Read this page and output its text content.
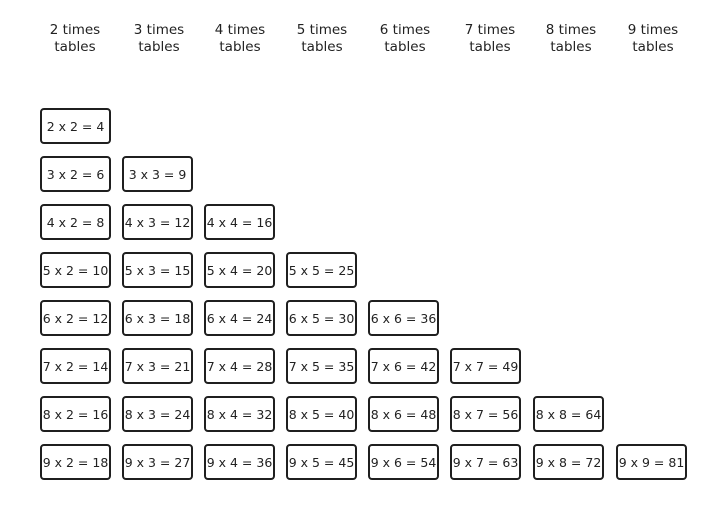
2 times
tables
3 times
tables
4 times
tables
5 times
tables
6 times
tables
7 times
tables
8 times
tables
9 times
tables
2 x 2 = 4
3 x 2 = 6	3 x 3 = 9
4 x 2 = 8	4 x 3 = 12 4 x 4 = 16
5 x 2 = 10 5 x 3 = 15 5 x 4 = 20 5 x 5 = 25
6 x 2 = 12 6 x 3 = 18 6 x 4 = 24 6 x 5 = 30 6 x 6 = 36
7 x 2 = 14 7 x 3 = 21 7 x 4 = 28 7 x 5 = 35 7 x 6 = 42 7 x 7 = 49
8 x 2 = 16 8 x 3 = 24 8 x 4 = 32 8 x 5 = 40 8 x 6 = 48 8 x 7 = 56 8 x 8 = 64
9 x 2 = 18 9 x 3 = 27 9 x 4 = 36 9 x 5 = 45 9 x 6 = 54 9 x 7 = 63 9 x 8 = 72 9 x 9 = 81
